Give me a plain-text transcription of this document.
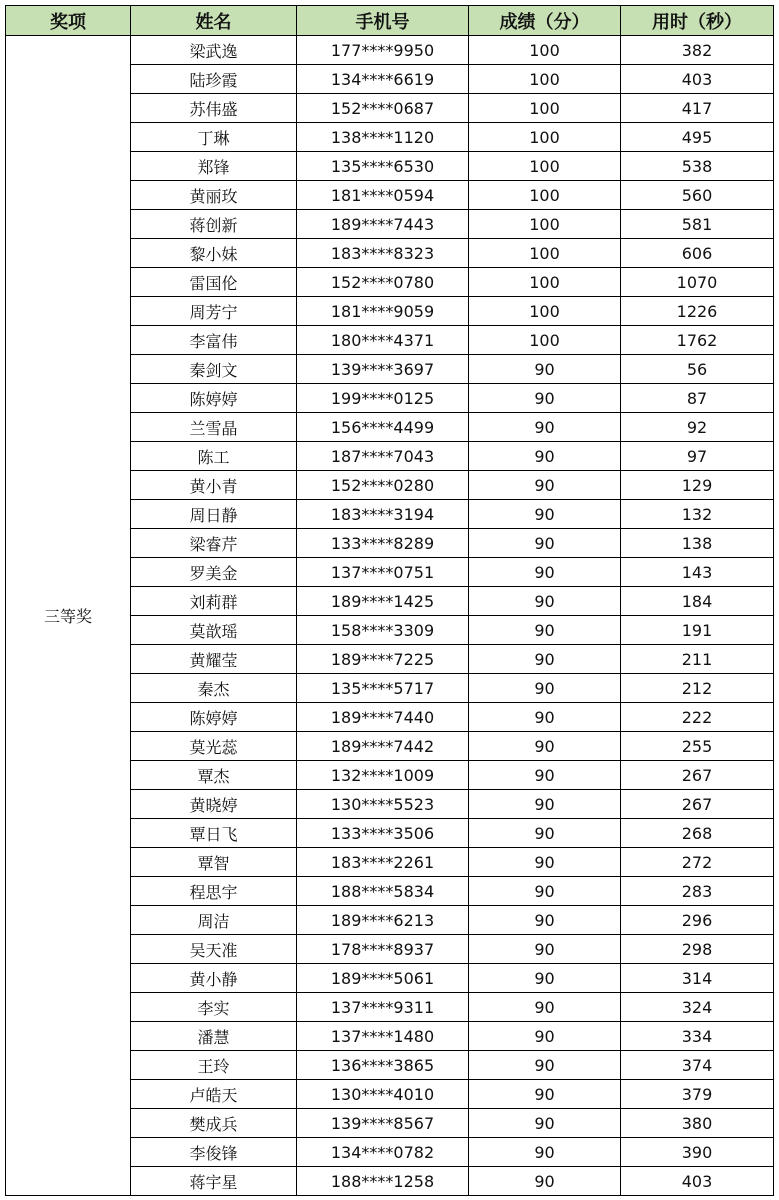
奖项	姓名	手机号	成绩（分）	用时（秒）
三等奖	梁武逸	177****9950	100	382
	陆珍霞	134****6619	100	403
	苏伟盛	152****0687	100	417
	丁琳	138****1120	100	495
	郑锋	135****6530	100	538
	黄丽玫	181****0594	100	560
	蒋创新	189****7443	100	581
	黎小妹	183****8323	100	606
	雷国伦	152****0780	100	1070
	周芳宁	181****9059	100	1226
	李富伟	180****4371	100	1762
	秦剑文	139****3697	90	56
	陈婷婷	199****0125	90	87
	兰雪晶	156****4499	90	92
	陈工	187****7043	90	97
	黄小青	152****0280	90	129
	周日静	183****3194	90	132
	梁睿芹	133****8289	90	138
	罗美金	137****0751	90	143
	刘莉群	189****1425	90	184
	莫歆瑶	158****3309	90	191
	黄耀莹	189****7225	90	211
	秦杰	135****5717	90	212
	陈婷婷	189****7440	90	222
	莫光蕊	189****7442	90	255
	覃杰	132****1009	90	267
	黄晓婷	130****5523	90	267
	覃日飞	133****3506	90	268
	覃智	183****2261	90	272
	程思宇	188****5834	90	283
	周洁	189****6213	90	296
	吴天准	178****8937	90	298
	黄小静	189****5061	90	314
	李实	137****9311	90	324
	潘慧	137****1480	90	334
	王玲	136****3865	90	374
	卢皓天	130****4010	90	379
	樊成兵	139****8567	90	380
	李俊锋	134****0782	90	390
	蒋宇星	188****1258	90	403
